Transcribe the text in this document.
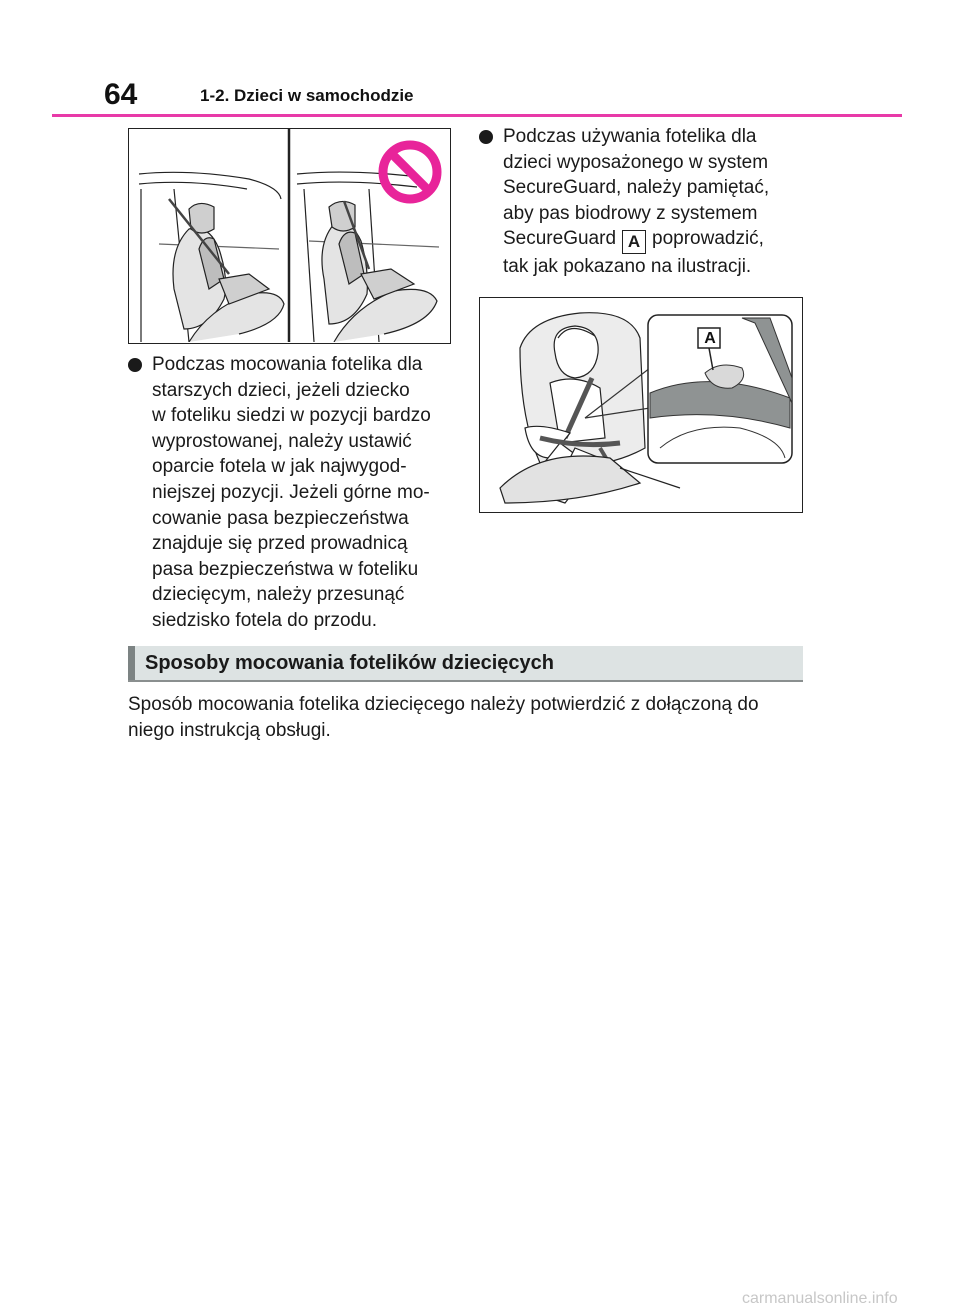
64	1-2. Dzieci w samochodzie
Podczas mocowania fotelika dla
starszych dzieci, jeżeli dziecko
w foteliku siedzi w pozycji bardzo
wyprostowanej, należy ustawić
oparcie fotela w jak najwygod-
niejszej pozycji. Jeżeli górne mo-
cowanie pasa bezpieczeństwa
znajduje się przed prowadnicą
pasa bezpieczeństwa w foteliku
dziecięcym, należy przesunąć
siedzisko fotela do przodu.
Podczas używania fotelika dla
dzieci wyposażonego w system
SecureGuard, należy pamiętać,
aby pas biodrowy z systemem
SecureGuard A poprowadzić,
tak jak pokazano na ilustracji.
A
Sposoby mocowania fotelików dziecięcych
Sposób mocowania fotelika dziecięcego należy potwierdzić z dołączoną do
niego instrukcją obsługi.
carmanualsonline.info
